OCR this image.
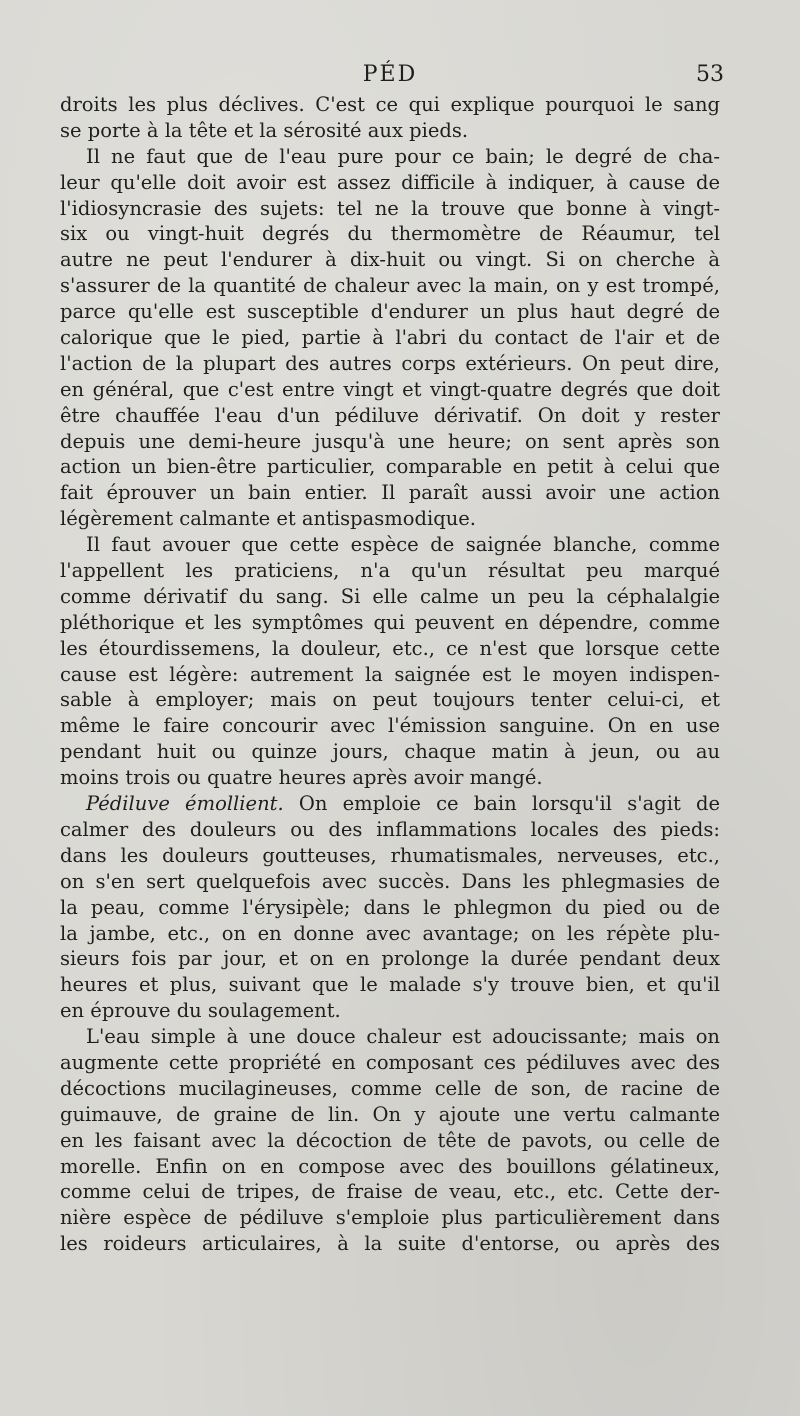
PÉD	53
droits les plus déclives. C'est ce qui explique pourquoi le sang
se porte à la tête et la sérosité aux pieds.
Il ne faut que de l'eau pure pour ce bain; le degré de cha-
leur qu'elle doit avoir est assez difficile à indiquer, à cause de
l'idiosyncrasie des sujets: tel ne la trouve que bonne à vingt-
six ou vingt-huit degrés du thermomètre de Réaumur, tel
autre ne peut l'endurer à dix-huit ou vingt. Si on cherche à
s'assurer de la quantité de chaleur avec la main, on y est trompé,
parce qu'elle est susceptible d'endurer un plus haut degré de
calorique que le pied, partie à l'abri du contact de l'air et de
l'action de la plupart des autres corps extérieurs. On peut dire,
en général, que c'est entre vingt et vingt-quatre degrés que doit
être chauffée l'eau d'un pédiluve dérivatif. On doit y rester
depuis une demi-heure jusqu'à une heure; on sent après son
action un bien-être particulier, comparable en petit à celui que
fait éprouver un bain entier. Il paraît aussi avoir une action
légèrement calmante et antispasmodique.
Il faut avouer que cette espèce de saignée blanche, comme
l'appellent les praticiens, n'a qu'un résultat peu marqué
comme dérivatif du sang. Si elle calme un peu la céphalalgie
pléthorique et les symptômes qui peuvent en dépendre, comme
les étourdissemens, la douleur, etc., ce n'est que lorsque cette
cause est légère: autrement la saignée est le moyen indispen-
sable à employer; mais on peut toujours tenter celui-ci, et
même le faire concourir avec l'émission sanguine. On en use
pendant huit ou quinze jours, chaque matin à jeun, ou au
moins trois ou quatre heures après avoir mangé.
Pédiluve émollient. On emploie ce bain lorsqu'il s'agit de
calmer des douleurs ou des inflammations locales des pieds:
dans les douleurs goutteuses, rhumatismales, nerveuses, etc.,
on s'en sert quelquefois avec succès. Dans les phlegmasies de
la peau, comme l'érysipèle; dans le phlegmon du pied ou de
la jambe, etc., on en donne avec avantage; on les répète plu-
sieurs fois par jour, et on en prolonge la durée pendant deux
heures et plus, suivant que le malade s'y trouve bien, et qu'il
en éprouve du soulagement.
L'eau simple à une douce chaleur est adoucissante; mais on
augmente cette propriété en composant ces pédiluves avec des
décoctions mucilagineuses, comme celle de son, de racine de
guimauve, de graine de lin. On y ajoute une vertu calmante
en les faisant avec la décoction de tête de pavots, ou celle de
morelle. Enfin on en compose avec des bouillons gélatineux,
comme celui de tripes, de fraise de veau, etc., etc. Cette der-
nière espèce de pédiluve s'emploie plus particulièrement dans
les roideurs articulaires, à la suite d'entorse, ou après des
